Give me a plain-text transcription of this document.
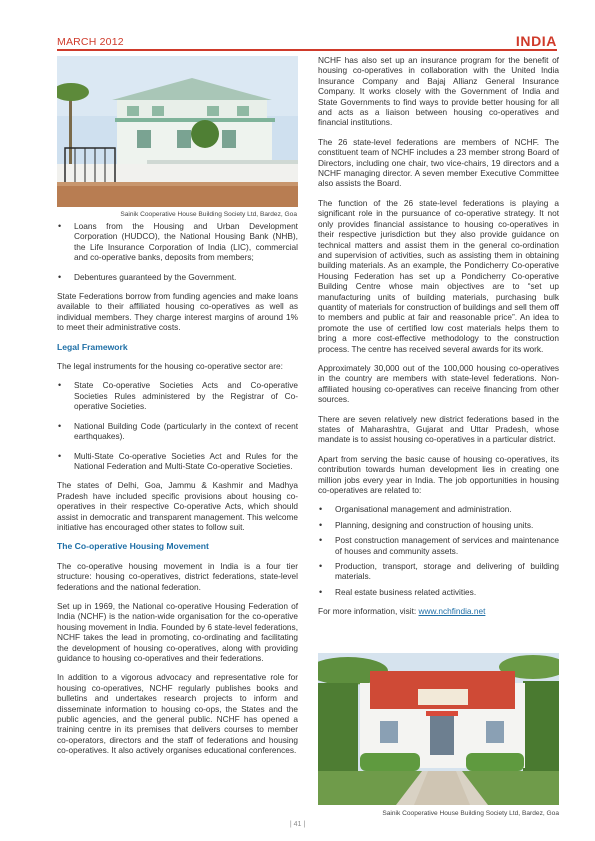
MARCH 2012	INDIA
Sainik Cooperative House Building Society Ltd, Bardez, Goa
• Loans from the Housing and Urban Development Corporation (HUDCO), the National Housing Bank (NHB), the Life Insurance Corporation of India (LIC), commercial and co-operative banks, deposits from members;
• Debentures guaranteed by the Government.

State Federations borrow from funding agencies and make loans available to their affiliated housing co-operatives as well as individual members. They charge interest margins of around 1% to meet their administrative costs.

Legal Framework

The legal instruments for the housing co-operative sector are:

• State Co-operative Societies Acts and Co-operative Societies Rules administered by the Registrar of Co-operative Societies.
• National Building Code (particularly in the context of recent earthquakes).
• Multi-State Co-operative Societies Act and Rules for the National Federation and Multi-State Co-operative Societies.

The states of Delhi, Goa, Jammu & Kashmir and Madhya Pradesh have included specific provisions about housing co-operatives in their respective Co-operative Acts, which should assist in democratic and transparent management. This welcome initiative has encouraged other states to follow suit.

The Co-operative Housing Movement

The co-operative housing movement in India is a four tier structure: housing co-operatives, district federations, state-level federations and the national federation.

Set up in 1969, the National co-operative Housing Federation of India (NCHF) is the nation-wide organisation for the co-operative housing movement in India. Founded by 6 state-level federations, NCHF takes the lead in promoting, co-ordinating and facilitating the development of housing co-operatives, along with providing guidance to housing co-operatives and their federations.

In addition to a vigorous advocacy and representative role for housing co-operatives, NCHF regularly publishes books and bulletins and undertakes research projects to inform and disseminate information to housing co-ops, the States and the public agencies, and the general public. NCHF has opened a training centre in its premises that delivers courses to member co-operators, directors and the staff of federations and housing co-operatives. It also actively organises educational conferences.

NCHF has also set up an insurance program for the benefit of housing co-operatives in collaboration with the United India Insurance Company and Bajaj Allianz General Insurance Company. It works closely with the Government of India and State Governments to find ways to provide better housing for all and acts as a liaison between housing co-operatives and financial institutions.

The 26 state-level federations are members of NCHF. The constituent team of NCHF includes a 23 member strong Board of Directors, including one chair, two vice-chairs, 19 directors and a NCHF managing director. A seven member Executive Committee also assists the Board.

The function of the 26 state-level federations is playing a significant role in the pursuance of co-operative strategy. It not only provides financial assistance to housing co-operatives in their respective jurisdiction but they also provide guidance on technical matters and assist them in the general co-ordination and supervision of activities, such as assisting them in obtaining building materials. As an example, the Pondicherry Co-operative Housing Federation has set up a Pondicherry Co-operative Building Centre whose main objectives are to “set up manufacturing units of building materials, purchasing bulk quantity of materials for construction of buildings and sell them off to members and public at fair and reasonable price”. An idea to promote the use of certified low cost materials helps them to bring a more cost-effective methodology to the construction process. The centre has received several awards for its work.

Approximately 30,000 out of the 100,000 housing co-operatives in the country are members with state-level federations. Non-affiliated housing co-operatives can receive financing from other sources.

There are seven relatively new district federations based in the states of Maharashtra, Gujarat and Uttar Pradesh, whose mandate is to assist housing co-operatives in a particular district.

Apart from serving the basic cause of housing co-operatives, its contribution towards human development lies in creating one million jobs every year in India. The job opportunities in housing co-operatives are related to:

• Organisational management and administration.
• Planning, designing and construction of housing units.
• Post construction management of services and maintenance of houses and community assets.
• Production, transport, storage and delivering of building materials.
• Real estate business related activities.

For more information, visit: www.nchfindia.net

Sainik Cooperative House Building Society Ltd, Bardez, Goa
| 41 |
